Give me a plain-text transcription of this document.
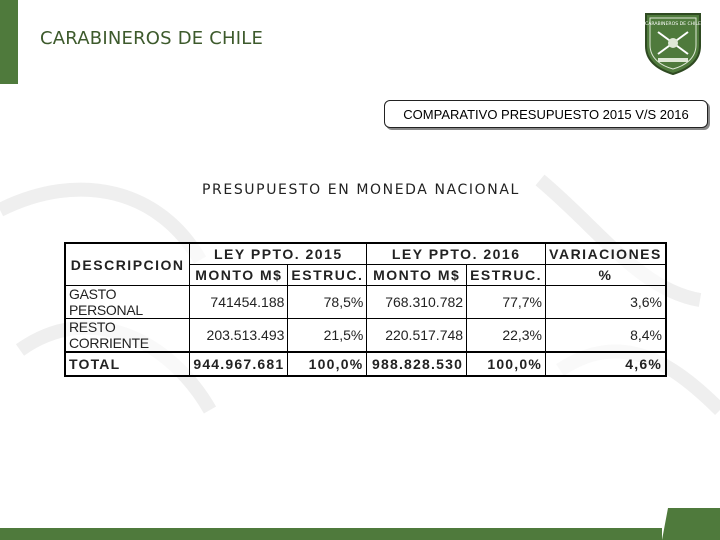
CARABINEROS DE CHILE
CARABINEROS DE CHILE
COMPARATIVO PRESUPUESTO 2015 V/S 2016
PRESUPUESTO EN MONEDA NACIONAL
DESCRIPCION	LEY PPTO. 2015		LEY PPTO. 2016		VARIACIONES
	MONTO M$	ESTRUC.	MONTO M$	ESTRUC.	%
GASTO PERSONAL	741454.188	78,5%	768.310.782	77,7%	3,6%
RESTO CORRIENTE	203.513.493	21,5%	220.517.748	22,3%	8,4%
TOTAL	944.967.681	100,0%	988.828.530	100,0%	4,6%
